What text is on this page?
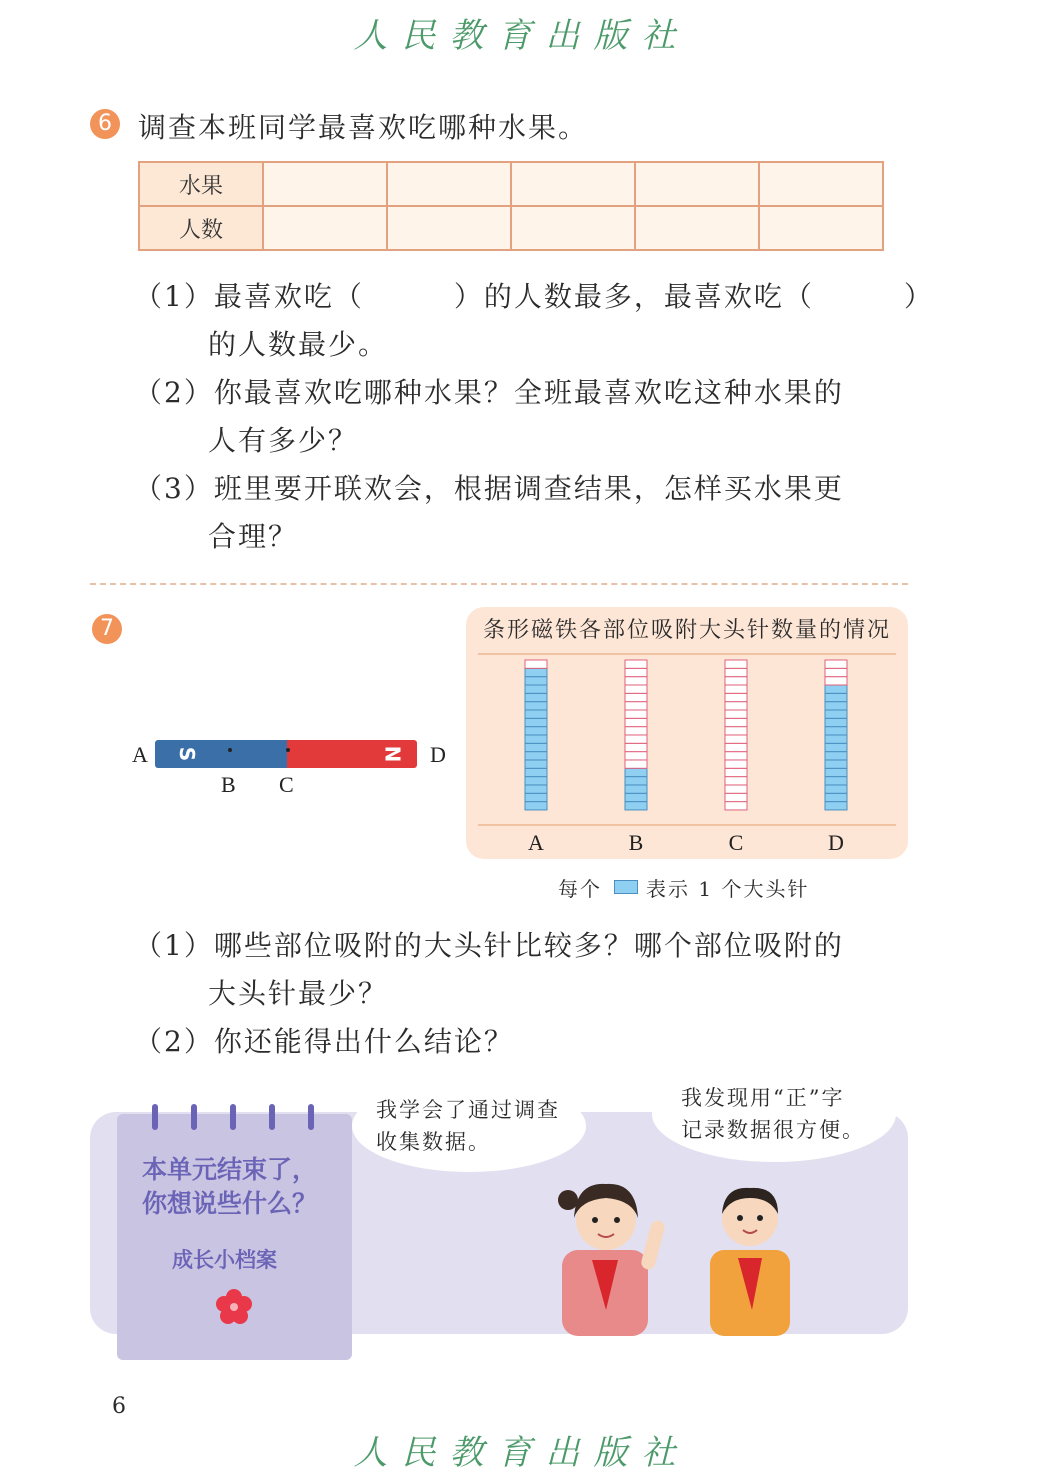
人民教育出版社
人民教育出版社
6 调查本班同学最喜欢吃哪种水果。
水果					
人数					
（1）最喜欢吃（　　　）的人数最多，最喜欢吃（　　　）
的人数最少。
（2）你最喜欢吃哪种水果？全班最喜欢吃这种水果的
人有多少？
（3）班里要开联欢会，根据调查结果，怎样买水果更
合理？
7
S	N
A	D
B C
条形磁铁各部位吸附大头针数量的情况
A	B	C	D
每个 表示 1 个大头针
（1）哪些部位吸附的大头针比较多？哪个部位吸附的
大头针最少？
（2）你还能得出什么结论？
本单元结束了，
你想说些什么？
成长小档案
我学会了通过调查
收集数据。
我发现用“正”字
记录数据很方便。
6
